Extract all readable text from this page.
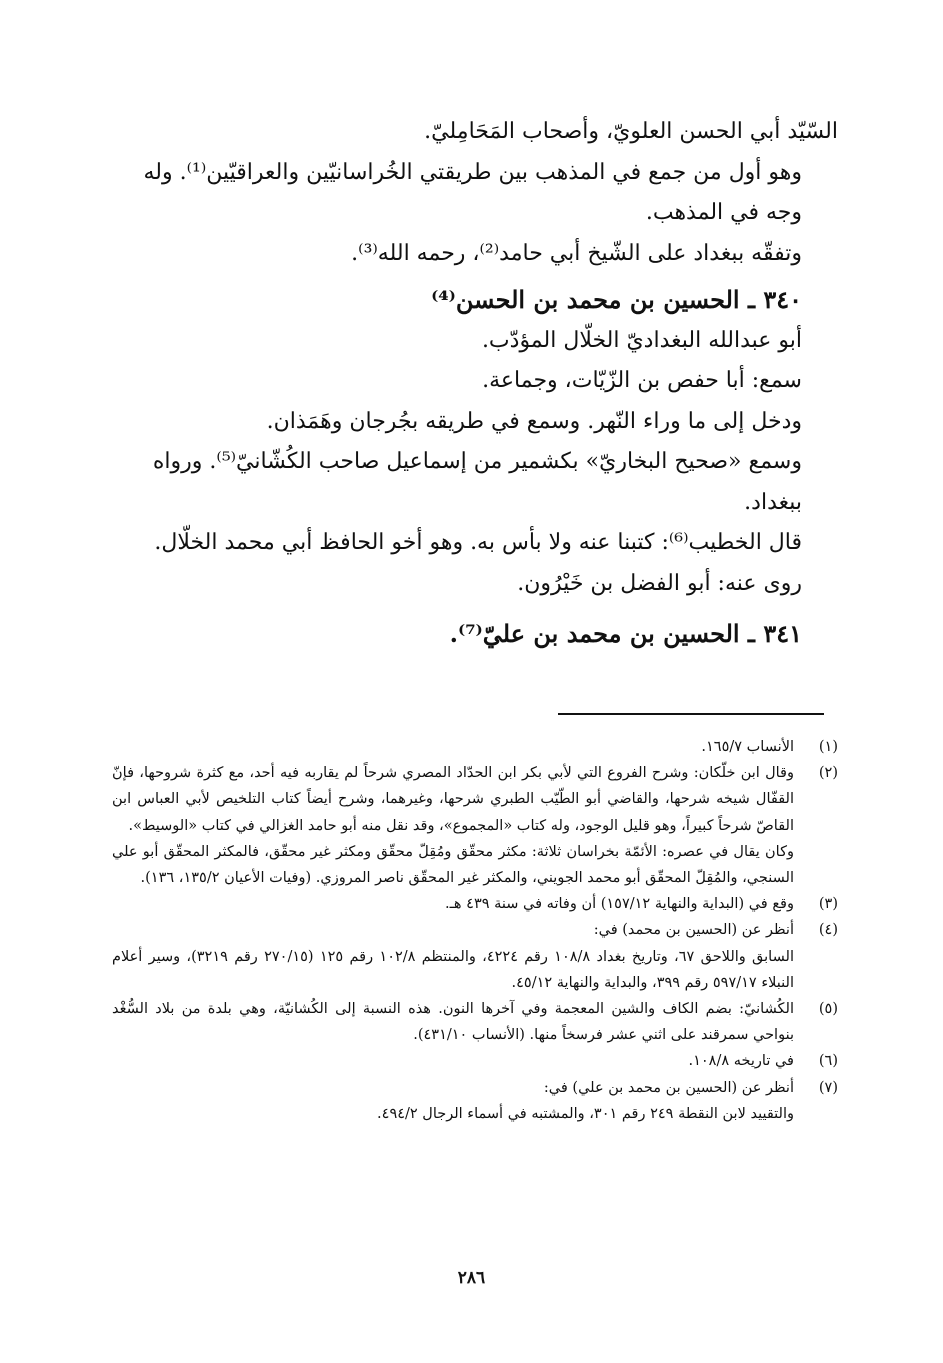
السّيّد أبي الحسن العلويّ، وأصحاب المَحَامِليّ.

وهو أول من جمع في المذهب بين طريقتي الخُراسانيّين والعراقيّين⁽¹⁾. وله وجه في المذهب.

وتفقّه ببغداد على الشّيخ أبي حامد⁽²⁾، رحمه الله⁽³⁾.

٣٤٠ ـ الحسين بن محمد بن الحسن⁽⁴⁾

أبو عبدالله البغداديّ الخلّال المؤدّب.

سمع: أبا حفص بن الزّيّات، وجماعة.

ودخل إلى ما وراء النّهر. وسمع في طريقه بجُرجان وهَمَذان.

وسمع «صحيح البخاريّ» بكشمير من إسماعيل صاحب الكُشّانيّ⁽⁵⁾. ورواه ببغداد.

قال الخطيب⁽⁶⁾: كتبنا عنه ولا بأس به. وهو أخو الحافظ أبي محمد الخلّال.

روى عنه: أبو الفضل بن خَيْرُون.

٣٤١ ـ الحسين بن محمد بن عليّ⁽⁷⁾.

(١)

الأنساب ١٦٥/٧.

(٢)

وقال ابن خلّكان: وشرح الفروع التي لأبي بكر ابن الحدّاد المصري شرحاً لم يقاربه فيه أحد، مع كثرة شروحها، فإنّ القفّال شيخه شرحها، والقاضي أبو الطّيّب الطبري شرحها، وغيرهما، وشرح أيضاً كتاب التلخيص لأبي العباس ابن القاصّ شرحاً كبيراً، وهو قليل الوجود، وله كتاب «المجموع»، وقد نقل منه أبو حامد الغزالي في كتاب «الوسيط».

وكان يقال في عصره: الأئمّة بخراسان ثلاثة: مكثر محقّق ومُقِلّ محقّق ومكثر غير محقّق، فالمكثر المحقّق أبو علي السنجي، والمُقِلّ المحقّق أبو محمد الجويني، والمكثر غير المحقّق ناصر المروزي. (وفيات الأعيان ١٣٥/٢، ١٣٦).

(٣)

وقع في (البداية والنهاية ١٥٧/١٢) أن وفاته في سنة ٤٣٩ هـ.

(٤)

أنظر عن (الحسين بن محمد) في:

السابق واللاحق ٦٧، وتاريخ بغداد ١٠٨/٨ رقم ٤٢٢٤، والمنتظم ١٠٢/٨ رقم ١٢٥ (٢٧٠/١٥ رقم ٣٢١٩)، وسير أعلام النبلاء ٥٩٧/١٧ رقم ٣٩٩، والبداية والنهاية ٤٥/١٢.

(٥)

الكُشانيّ: بضم الكاف والشين المعجمة وفي آخرها النون. هذه النسبة إلى الكُشانيّة، وهي بلدة من بلاد السُّغْد بنواحي سمرقند على اثني عشر فرسخاً منها. (الأنساب ٤٣١/١٠).

(٦)

في تاريخه ١٠٨/٨.

(٧)

أنظر عن (الحسين بن محمد بن علي) في:

والتقييد لابن النقطة ٢٤٩ رقم ٣٠١، والمشتبه في أسماء الرجال ٤٩٤/٢.

٢٨٦
